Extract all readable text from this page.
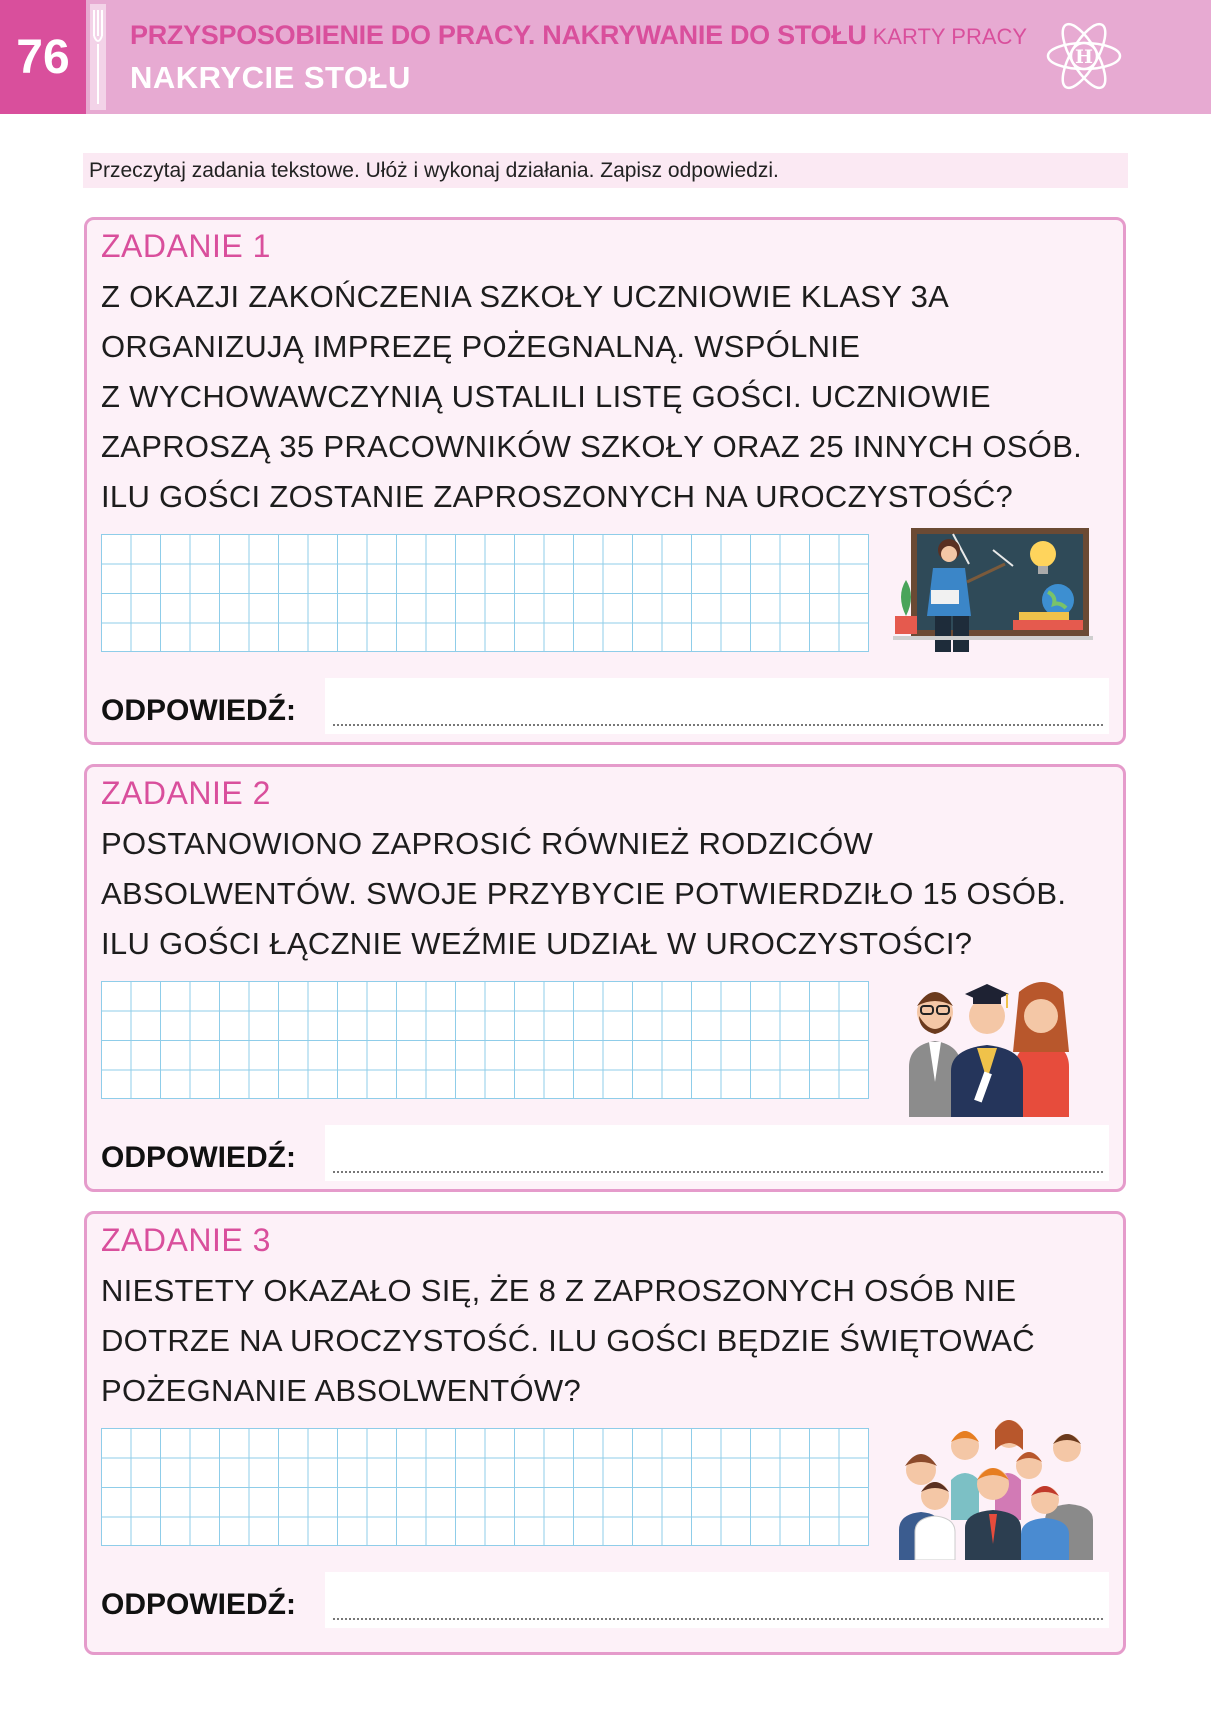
76	PRZYSPOSOBIENIE DO PRACY. NAKRYWANIE DO STOŁU KARTY PRACY
NAKRYCIE STOŁU
H
Przeczytaj zadania tekstowe. Ułóż i wykonaj działania. Zapisz odpowiedzi.
ZADANIE 1
Z OKAZJI ZAKOŃCZENIA SZKOŁY UCZNIOWIE KLASY 3A
ORGANIZUJĄ IMPREZĘ POŻEGNALNĄ. WSPÓLNIE
Z WYCHOWAWCZYNIĄ USTALILI LISTĘ GOŚCI. UCZNIOWIE
ZAPROSZĄ 35 PRACOWNIKÓW SZKOŁY ORAZ 25 INNYCH OSÓB.
ILU GOŚCI ZOSTANIE ZAPROSZONYCH NA UROCZYSTOŚĆ?
ODPOWIEDŹ:
ZADANIE 2
POSTANOWIONO ZAPROSIĆ RÓWNIEŻ RODZICÓW
ABSOLWENTÓW. SWOJE PRZYBYCIE POTWIERDZIŁO 15 OSÓB.
ILU GOŚCI ŁĄCZNIE WEŹMIE UDZIAŁ W UROCZYSTOŚCI?
ODPOWIEDŹ:
ZADANIE 3
NIESTETY OKAZAŁO SIĘ, ŻE 8 Z ZAPROSZONYCH OSÓB NIE
DOTRZE NA UROCZYSTOŚĆ. ILU GOŚCI BĘDZIE ŚWIĘTOWAĆ
POŻEGNANIE ABSOLWENTÓW?
ODPOWIEDŹ:
